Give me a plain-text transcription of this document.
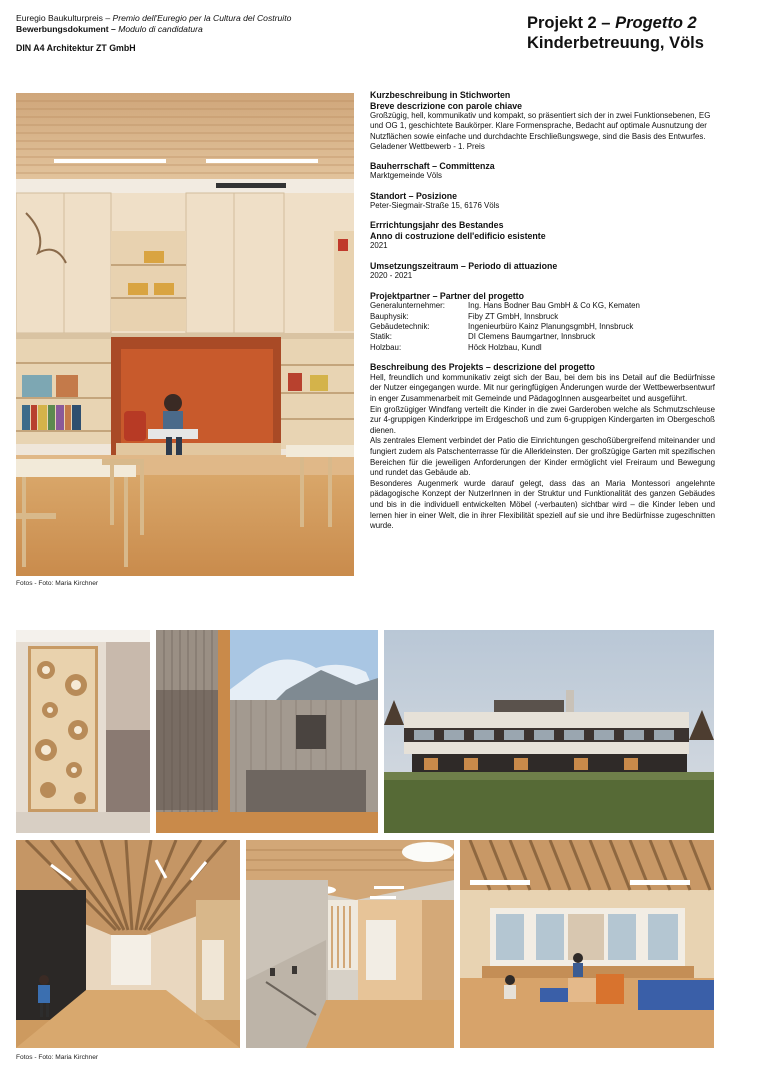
Euregio Baukulturpreis – Premio dell'Euregio per la Cultura del Costruito
Bewerbungsdokument – Modulo di candidatura
DIN A4 Architektur ZT GmbH
Projekt 2 – Progetto 2
Kinderbetreuung, Völs
Fotos - Foto: Maria Kirchner
Kurzbeschreibung in Stichworten
Breve descrizione con parole chiave
Großzügig, hell, kommunikativ und kompakt, so präsentiert sich der in zwei Funktionsebenen, EG und OG 1, geschichtete Baukörper. Klare Formensprache, Bedacht auf optimale Ausnutzung der Nutzflächen sowie einfache und durchdachte Erschließungswege, sind die Basis des Entwurfes. Geladener Wettbewerb - 1. Preis
Bauherrschaft – Committenza
Marktgemeinde Völs
Standort – Posizione
Peter-Siegmair-Straße 15, 6176 Völs
Errrichtungsjahr des Bestandes
Anno di costruzione dell'edificio esistente
2021
Umsetzungszeitraum – Periodo di attuazione
2020 - 2021
Projektpartner – Partner del progetto
Generalunternehmer:	Ing. Hans Bodner Bau GmbH & Co KG, Kematen
Bauphysik:	Fiby ZT GmbH, Innsbruck
Gebäudetechnik:	Ingenieurbüro Kainz PlanungsgmbH, Innsbruck
Statik:	DI Clemens Baumgartner, Innsbruck
Holzbau:	Höck Holzbau, Kundl
Beschreibung des Projekts – descrizione del progetto

Hell, freundlich und kommunikativ zeigt sich der Bau, bei dem bis ins Detail auf die Bedürfnisse der Nutzer eingegangen wurde. Mit nur geringfügigen Änderungen wurde der Wettbewerbsentwurf in enger Zusammenarbeit mit Gemeinde und PädagogInnen ausgearbeitet und ausgeführt.

Ein großzügiger Windfang verteilt die Kinder in die zwei Garderoben welche als Schmutzschleuse zur 4-gruppigen Kinderkrippe im Erdgeschoß und zum 6-gruppigen Kindergarten im Obergeschoß dienen.

Als zentrales Element verbindet der Patio die Einrichtungen geschoßübergreifend miteinander und fungiert zudem als Patschenterrasse für die Allerkleinsten. Der großzügige Garten mit spezifischen Bereichen für die jeweiligen Anforderungen der Kinder ermöglicht viel Freiraum und Bewegung und rundet das Gebäude ab.

Besonderes Augenmerk wurde darauf gelegt, dass das an Maria Montessori angelehnte pädagogische Konzept der NutzerInnen in der Struktur und Funktionalität des ganzen Gebäudes und bis in die individuell entwickelten Möbel (-verbauten) sichtbar wird – die Kinder leben und lernen hier in einer Welt, die in ihrer Flexibilität speziell auf sie und ihre Bedürfnisse zugeschnitten wurde.

Fotos - Foto: Maria Kirchner
